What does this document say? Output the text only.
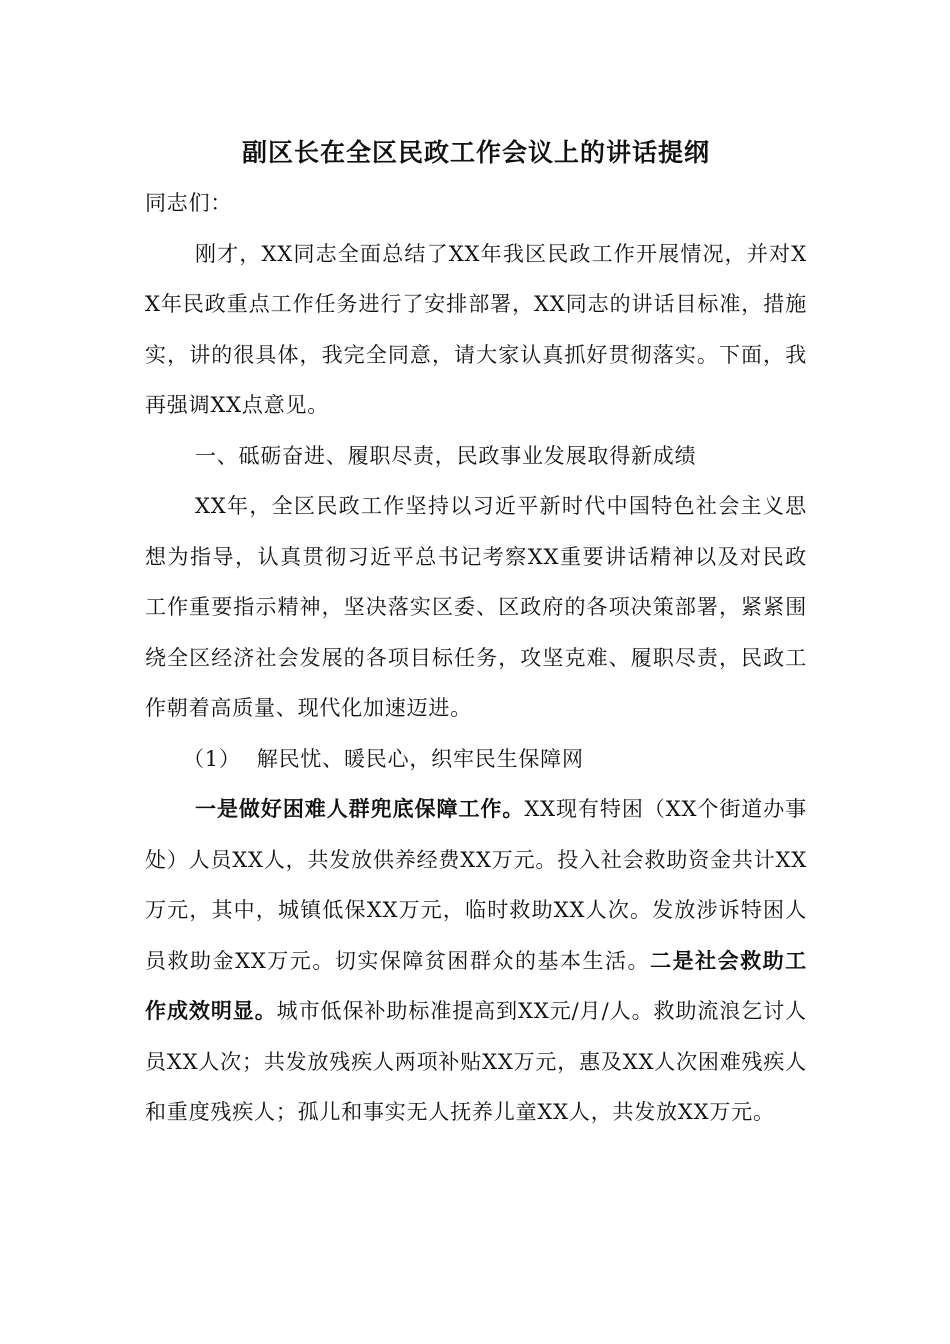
副区长在全区民政工作会议上的讲话提纲

同志们：

刚才，XX同志全面总结了XX年我区民政工作开展情况，并对XX年民政重点工作任务进行了安排部署，XX同志的讲话目标准，措施实，讲的很具体，我完全同意，请大家认真抓好贯彻落实。下面，我再强调XX点意见。

一、砥砺奋进、履职尽责，民政事业发展取得新成绩

XX年，全区民政工作坚持以习近平新时代中国特色社会主义思想为指导，认真贯彻习近平总书记考察XX重要讲话精神以及对民政工作重要指示精神，坚决落实区委、区政府的各项决策部署，紧紧围绕全区经济社会发展的各项目标任务，攻坚克难、履职尽责，民政工作朝着高质量、现代化加速迈进。

（1） 解民忧、暖民心，织牢民生保障网

一是做好困难人群兜底保障工作。XX现有特困（XX个街道办事处）人员XX人，共发放供养经费XX万元。投入社会救助资金共计XX万元，其中，城镇低保XX万元，临时救助XX人次。发放涉诉特困人员救助金XX万元。切实保障贫困群众的基本生活。二是社会救助工作成效明显。城市低保补助标准提高到XX元/月/人。救助流浪乞讨人员XX人次；共发放残疾人两项补贴XX万元，惠及XX人次困难残疾人和重度残疾人；孤儿和事实无人抚养儿童XX人，共发放XX万元。
